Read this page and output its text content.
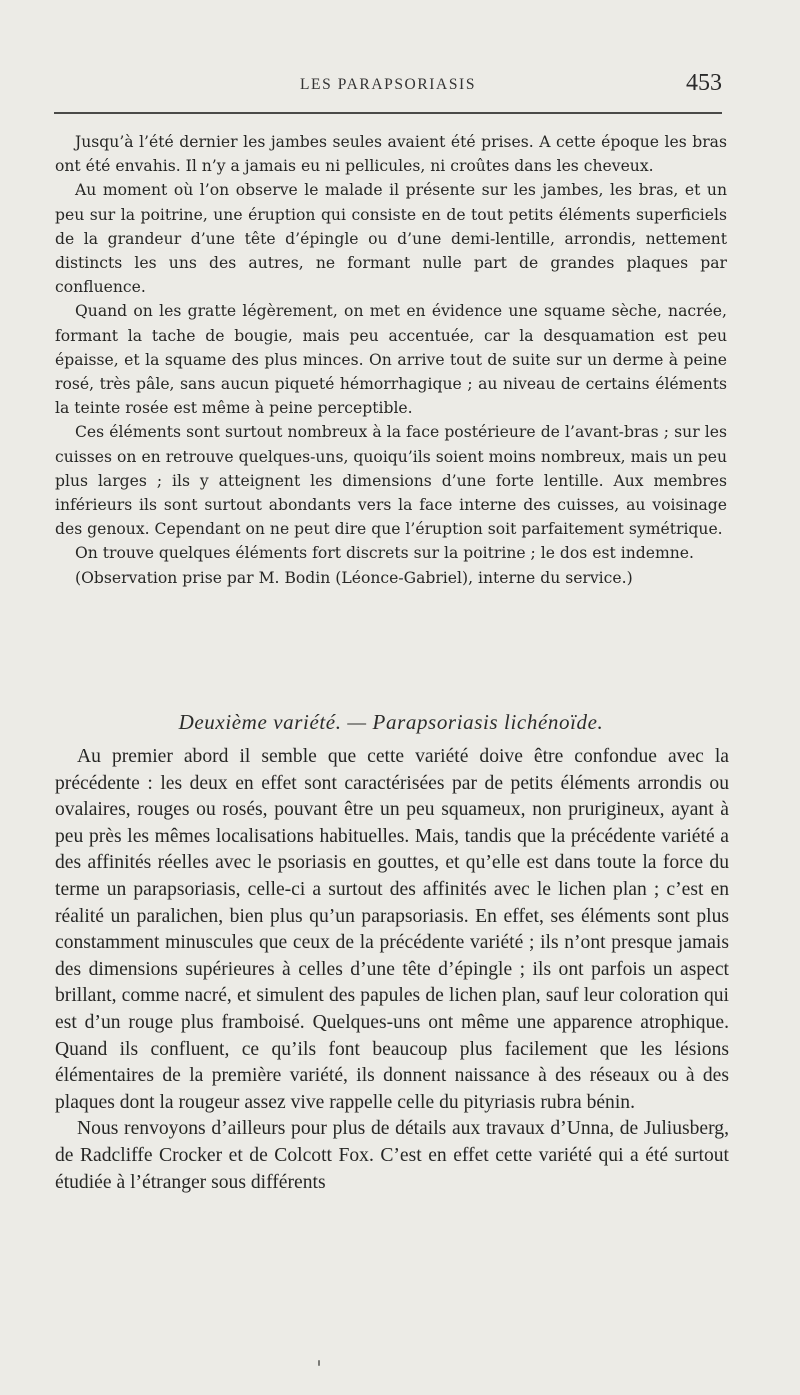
LES PARAPSORIASIS	453

Jusqu’à l’été dernier les jambes seules avaient été prises. A cette époque les bras ont été envahis. Il n’y a jamais eu ni pellicules, ni croûtes dans les cheveux.

Au moment où l’on observe le malade il présente sur les jambes, les bras, et un peu sur la poitrine, une éruption qui consiste en de tout petits éléments superficiels de la grandeur d’une tête d’épingle ou d’une demi-lentille, arrondis, nettement distincts les uns des autres, ne formant nulle part de grandes plaques par confluence.

Quand on les gratte légèrement, on met en évidence une squame sèche, nacrée, formant la tache de bougie, mais peu accentuée, car la desquamation est peu épaisse, et la squame des plus minces. On arrive tout de suite sur un derme à peine rosé, très pâle, sans aucun piqueté hémorrhagique ; au niveau de certains éléments la teinte rosée est même à peine perceptible.

Ces éléments sont surtout nombreux à la face postérieure de l’avant-bras ; sur les cuisses on en retrouve quelques-uns, quoiqu’ils soient moins nombreux, mais un peu plus larges ; ils y atteignent les dimensions d’une forte lentille. Aux membres inférieurs ils sont surtout abondants vers la face interne des cuisses, au voisinage des genoux. Cependant on ne peut dire que l’éruption soit parfaitement symétrique.

On trouve quelques éléments fort discrets sur la poitrine ; le dos est indemne.

(Observation prise par M. Bodin (Léonce-Gabriel), interne du service.)

Deuxième variété. — Parapsoriasis lichénoïde.

Au premier abord il semble que cette variété doive être confondue avec la précédente : les deux en effet sont caractérisées par de petits éléments arrondis ou ovalaires, rouges ou rosés, pouvant être un peu squameux, non prurigineux, ayant à peu près les mêmes localisations habituelles. Mais, tandis que la précédente variété a des affinités réelles avec le psoriasis en gouttes, et qu’elle est dans toute la force du terme un parapsoriasis, celle-ci a surtout des affinités avec le lichen plan ; c’est en réalité un paralichen, bien plus qu’un parapsoriasis. En effet, ses éléments sont plus constamment minuscules que ceux de la précédente variété ; ils n’ont presque jamais des dimensions supérieures à celles d’une tête d’épingle ; ils ont parfois un aspect brillant, comme nacré, et simulent des papules de lichen plan, sauf leur coloration qui est d’un rouge plus framboisé. Quelques-uns ont même une apparence atrophique. Quand ils confluent, ce qu’ils font beaucoup plus facilement que les lésions élémentaires de la première variété, ils donnent naissance à des réseaux ou à des plaques dont la rougeur assez vive rappelle celle du pityriasis rubra bénin.

Nous renvoyons d’ailleurs pour plus de détails aux travaux d’Unna, de Juliusberg, de Radcliffe Crocker et de Colcott Fox. C’est en effet cette variété qui a été surtout étudiée à l’étranger sous différents
